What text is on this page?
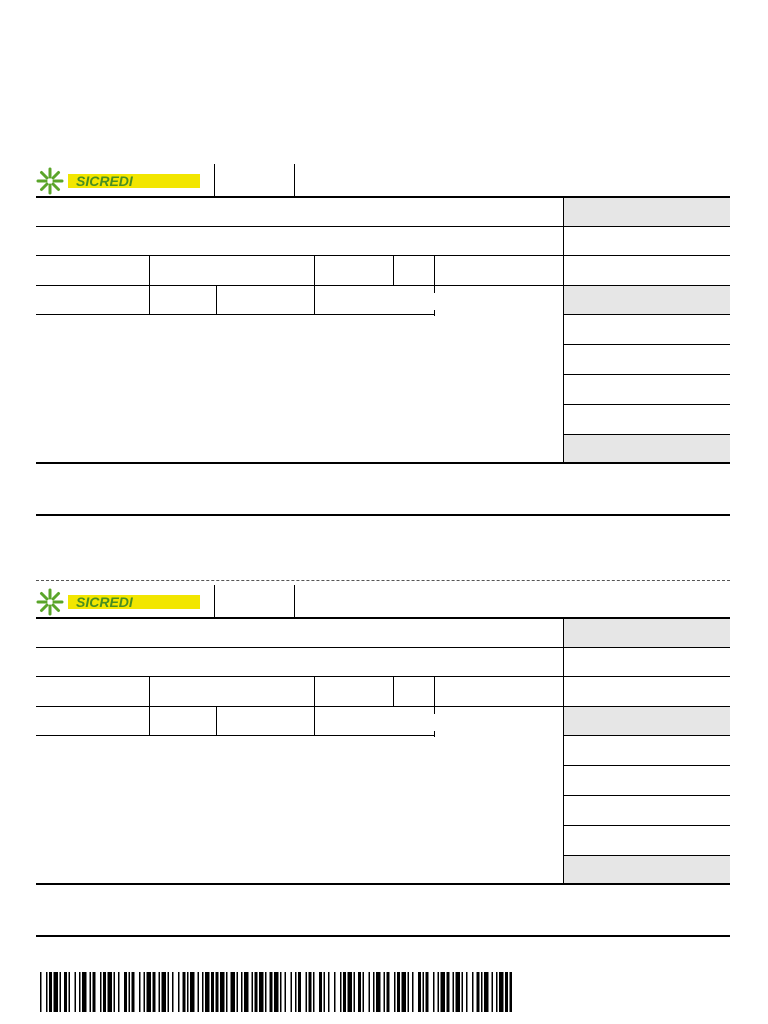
SICREDI
SICREDI
